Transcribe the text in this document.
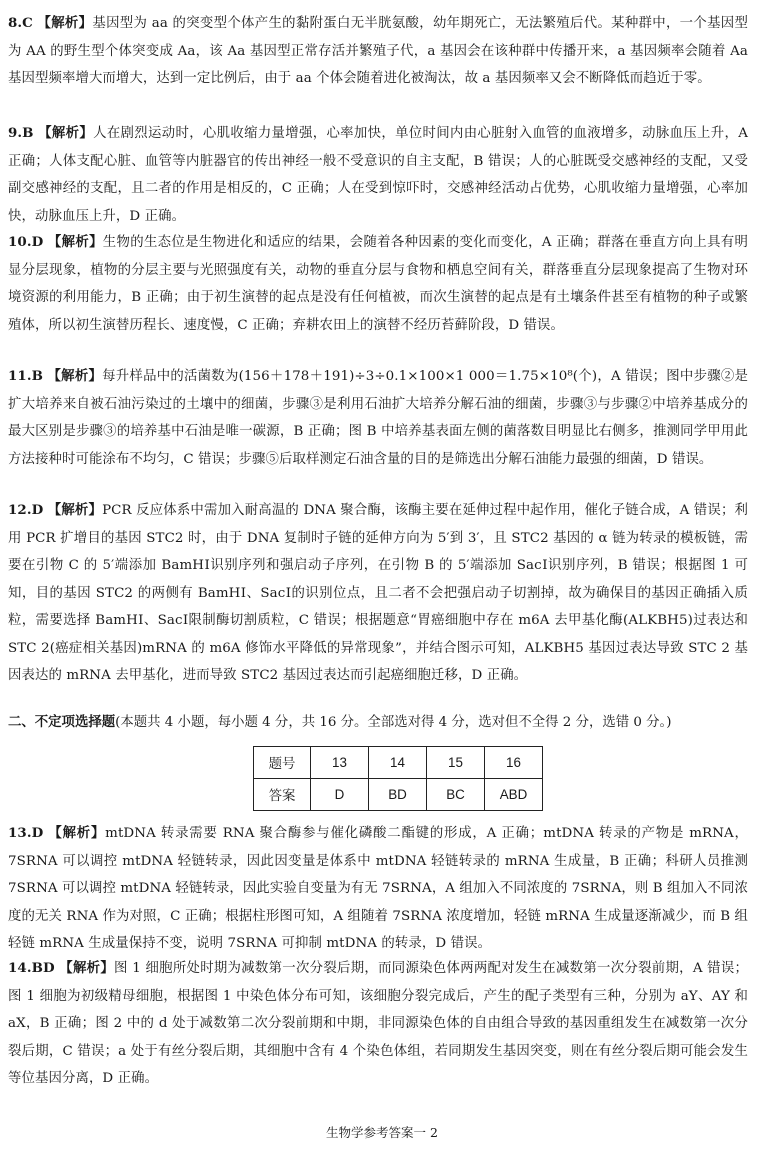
8.C 【解析】基因型为 aa 的突变型个体产生的黏附蛋白无半胱氨酸，幼年期死亡，无法繁殖后代。某种群中，一个基因型为 AA 的野生型个体突变成 Aa，该 Aa 基因型正常存活并繁殖子代，a 基因会在该种群中传播开来，a 基因频率会随着 Aa 基因型频率增大而增大，达到一定比例后，由于 aa 个体会随着进化被淘汰，故 a 基因频率又会不断降低而趋近于零。
9.B 【解析】人在剧烈运动时，心肌收缩力量增强，心率加快，单位时间内由心脏射入血管的血液增多，动脉血压上升，A 正确；人体支配心脏、血管等内脏器官的传出神经一般不受意识的自主支配，B 错误；人的心脏既受交感神经的支配，又受副交感神经的支配，且二者的作用是相反的，C 正确；人在受到惊吓时，交感神经活动占优势，心肌收缩力量增强，心率加快，动脉血压上升，D 正确。
10.D 【解析】生物的生态位是生物进化和适应的结果，会随着各种因素的变化而变化，A 正确；群落在垂直方向上具有明显分层现象，植物的分层主要与光照强度有关，动物的垂直分层与食物和栖息空间有关，群落垂直分层现象提高了生物对环境资源的利用能力，B 正确；由于初生演替的起点是没有任何植被，而次生演替的起点是有土壤条件甚至有植物的种子或繁殖体，所以初生演替历程长、速度慢，C 正确；弃耕农田上的演替不经历苔藓阶段，D 错误。
11.B 【解析】每升样品中的活菌数为(156＋178＋191)÷3÷0.1×100×1 000＝1.75×10⁸(个)，A 错误；图中步骤②是扩大培养来自被石油污染过的土壤中的细菌，步骤③是利用石油扩大培养分解石油的细菌，步骤③与步骤②中培养基成分的最大区别是步骤③的培养基中石油是唯一碳源，B 正确；图 B 中培养基表面左侧的菌落数目明显比右侧多，推测同学甲用此方法接种时可能涂布不均匀，C 错误；步骤⑤后取样测定石油含量的目的是筛选出分解石油能力最强的细菌，D 错误。
12.D 【解析】PCR 反应体系中需加入耐高温的 DNA 聚合酶，该酶主要在延伸过程中起作用，催化子链合成，A 错误；利用 PCR 扩增目的基因 STC2 时，由于 DNA 复制时子链的延伸方向为 5′到 3′，且 STC2 基因的 α 链为转录的模板链，需要在引物 C 的 5′端添加 BamHⅠ识别序列和强启动子序列，在引物 B 的 5′端添加 SacⅠ识别序列，B 错误；根据图 1 可知，目的基因 STC2 的两侧有 BamHⅠ、SacⅠ的识别位点，且二者不会把强启动子切割掉，故为确保目的基因正确插入质粒，需要选择 BamHⅠ、SacⅠ限制酶切割质粒，C 错误；根据题意“胃癌细胞中存在 m6A 去甲基化酶(ALKBH5)过表达和 STC 2(癌症相关基因)mRNA 的 m6A 修饰水平降低的异常现象”，并结合图示可知，ALKBH5 基因过表达导致 STC 2 基因表达的 mRNA 去甲基化，进而导致 STC2 基因过表达而引起癌细胞迁移，D 正确。
二、不定项选择题(本题共 4 小题，每小题 4 分，共 16 分。全部选对得 4 分，选对但不全得 2 分，选错 0 分。)
题号	13	14	15	16
答案	D	BD	BC	ABD
13.D 【解析】mtDNA 转录需要 RNA 聚合酶参与催化磷酸二酯键的形成，A 正确；mtDNA 转录的产物是 mRNA，7SRNA 可以调控 mtDNA 轻链转录，因此因变量是体系中 mtDNA 轻链转录的 mRNA 生成量，B 正确；科研人员推测 7SRNA 可以调控 mtDNA 轻链转录，因此实验自变量为有无 7SRNA，A 组加入不同浓度的 7SRNA，则 B 组加入不同浓度的无关 RNA 作为对照，C 正确；根据柱形图可知，A 组随着 7SRNA 浓度增加，轻链 mRNA 生成量逐渐减少，而 B 组轻链 mRNA 生成量保持不变，说明 7SRNA 可抑制 mtDNA 的转录，D 错误。
14.BD 【解析】图 1 细胞所处时期为减数第一次分裂后期，而同源染色体两两配对发生在减数第一次分裂前期，A 错误；图 1 细胞为初级精母细胞，根据图 1 中染色体分布可知，该细胞分裂完成后，产生的配子类型有三种，分别为 aY、AY 和 aX，B 正确；图 2 中的 d 处于减数第二次分裂前期和中期，非同源染色体的自由组合导致的基因重组发生在减数第一次分裂后期，C 错误；a 处于有丝分裂后期，其细胞中含有 4 个染色体组，若同期发生基因突变，则在有丝分裂后期可能会发生等位基因分离，D 正确。
生物学参考答案一 2
